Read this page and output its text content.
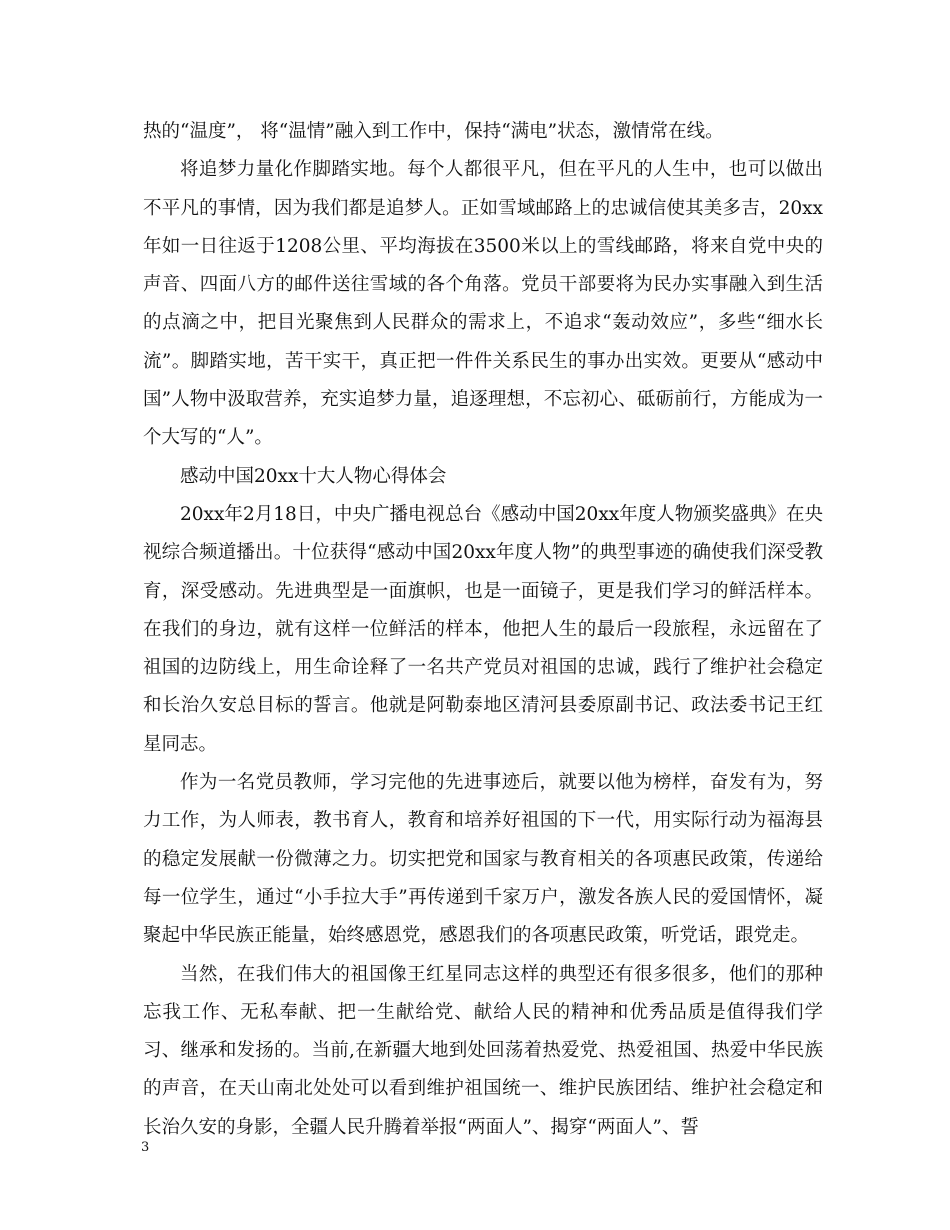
热的“温度”， 将“温情”融入到工作中，保持“满电”状态，激情常在线。

将追梦力量化作脚踏实地。每个人都很平凡，但在平凡的人生中，也可以做出不平凡的事情，因为我们都是追梦人。正如雪域邮路上的忠诚信使其美多吉，20xx年如一日往返于1208公里、平均海拔在3500米以上的雪线邮路，将来自党中央的声音、四面八方的邮件送往雪域的各个角落。党员干部要将为民办实事融入到生活的点滴之中，把目光聚焦到人民群众的需求上，不追求“轰动效应”，多些“细水长流”。脚踏实地，苦干实干，真正把一件件关系民生的事办出实效。更要从“感动中国”人物中汲取营养，充实追梦力量，追逐理想，不忘初心、砥砺前行，方能成为一个大写的“人”。

感动中国20xx十大人物心得体会

20xx年2月18日，中央广播电视总台《感动中国20xx年度人物颁奖盛典》在央视综合频道播出。十位获得“感动中国20xx年度人物”的典型事迹的确使我们深受教育，深受感动。先进典型是一面旗帜，也是一面镜子，更是我们学习的鲜活样本。在我们的身边，就有这样一位鲜活的样本，他把人生的最后一段旅程，永远留在了祖国的边防线上，用生命诠释了一名共产党员对祖国的忠诚，践行了维护社会稳定和长治久安总目标的誓言。他就是阿勒泰地区清河县委原副书记、政法委书记王红星同志。

作为一名党员教师，学习完他的先进事迹后，就要以他为榜样，奋发有为，努力工作，为人师表，教书育人，教育和培养好祖国的下一代，用实际行动为福海县的稳定发展献一份微薄之力。切实把党和国家与教育相关的各项惠民政策，传递给每一位学生，通过“小手拉大手”再传递到千家万户，激发各族人民的爱国情怀，凝聚起中华民族正能量，始终感恩党，感恩我们的各项惠民政策，听党话，跟党走。

当然，在我们伟大的祖国像王红星同志这样的典型还有很多很多，他们的那种忘我工作、无私奉献、把一生献给党、献给人民的精神和优秀品质是值得我们学习、继承和发扬的。当前,在新疆大地到处回荡着热爱党、热爱祖国、热爱中华民族的声音，在天山南北处处可以看到维护祖国统一、维护民族团结、维护社会稳定和长治久安的身影，全疆人民升腾着举报“两面人”、揭穿“两面人”、誓

3
